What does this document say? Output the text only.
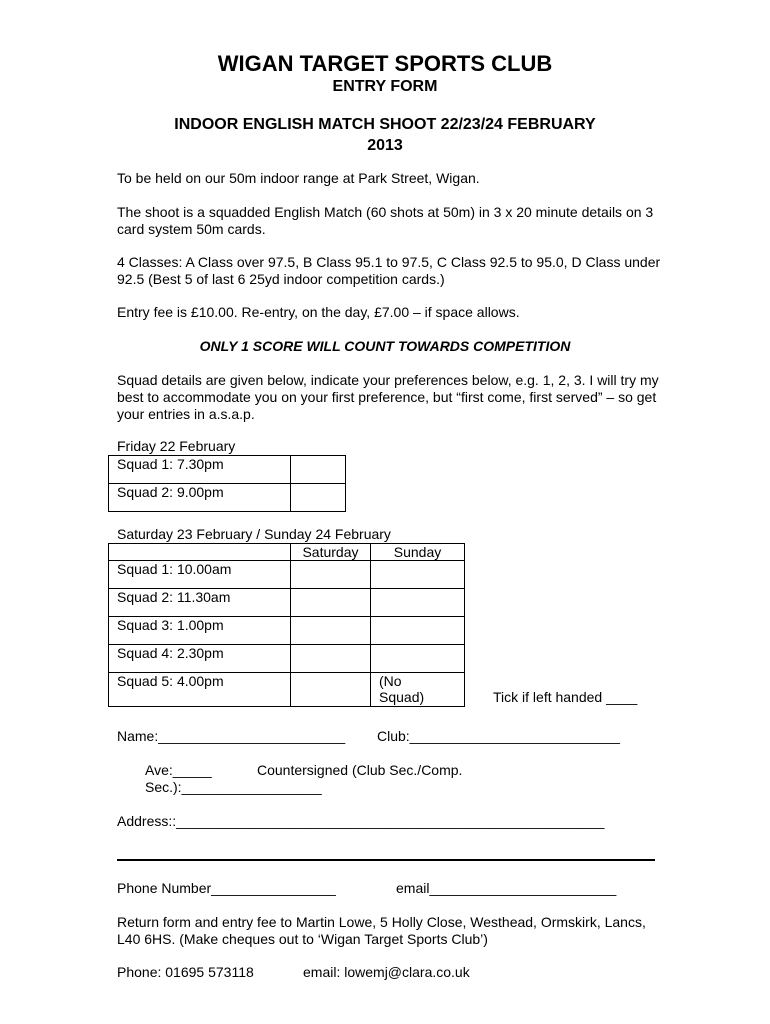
WIGAN TARGET SPORTS CLUB
ENTRY FORM
INDOOR ENGLISH MATCH SHOOT 22/23/24 FEBRUARY
2013
To be held on our 50m indoor range at Park Street, Wigan.
The shoot is a squadded English Match (60 shots at 50m) in 3 x 20 minute details on 3 card system 50m cards.
4 Classes: A Class over 97.5, B Class 95.1 to 97.5, C Class 92.5 to 95.0, D Class under 92.5 (Best 5 of last 6 25yd indoor competition cards.)
Entry fee is £10.00. Re-entry, on the day, £7.00 – if space allows.
ONLY 1 SCORE WILL COUNT TOWARDS COMPETITION
Squad details are given below, indicate your preferences below, e.g. 1, 2, 3. I will try my best to accommodate you on your first preference, but “first come, first served” – so get your entries in a.s.a.p.
Friday 22 February
Squad 1: 7.30pm	
Squad 2: 9.00pm	
Saturday 23 February / Sunday 24 February
	Saturday	Sunday
Squad 1: 10.00am		
Squad 2: 11.30am		
Squad 3: 1.00pm		
Squad 4: 2.30pm		
Squad 5: 4.00pm		(No
Squad)	Tick if left handed ____
Name:________________________ Club:___________________________
Ave:_____	Countersigned (Club Sec./Comp.
Sec.):__________________
Address::_______________________________________________________
Phone Number________________	email________________________
Return form and entry fee to Martin Lowe, 5 Holly Close, Westhead, Ormskirk, Lancs, L40 6HS. (Make cheques out to ‘Wigan Target Sports Club’)
Phone: 01695 573118	email: lowemj@clara.co.uk
